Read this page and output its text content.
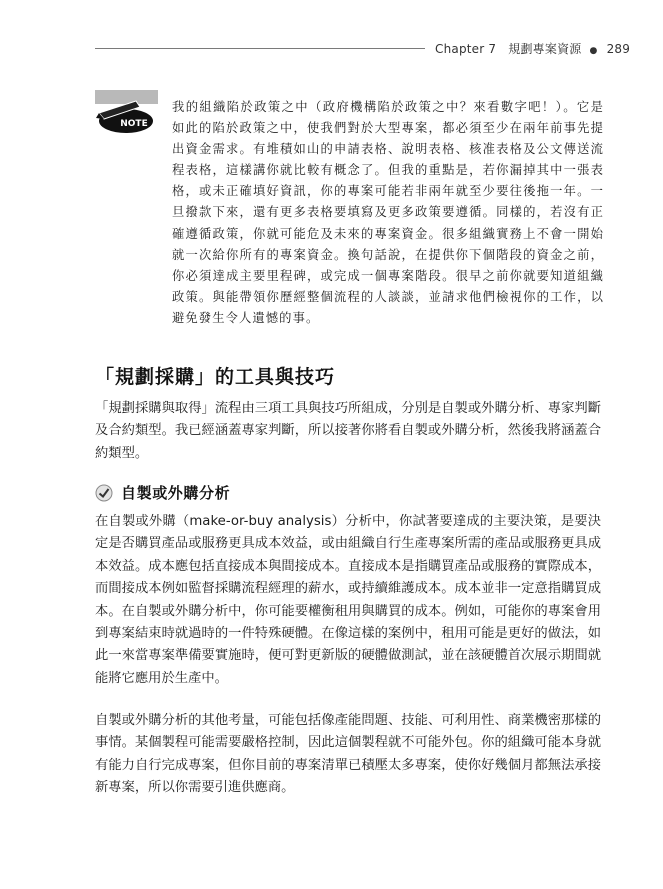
Chapter 7 規劃專案資源 ● 289
NOTE
我的組織陷於政策之中（政府機構陷於政策之中？來看數字吧！）。它是如此的陷於政策之中，使我們對於大型專案，都必須至少在兩年前事先提出資金需求。有堆積如山的申請表格、說明表格、核准表格及公文傳送流程表格，這樣講你就比較有概念了。但我的重點是，若你漏掉其中一張表格，或未正確填好資訊，你的專案可能若非兩年就至少要往後拖一年。一旦撥款下來，還有更多表格要填寫及更多政策要遵循。同樣的，若沒有正確遵循政策，你就可能危及未來的專案資金。很多組織實務上不會一開始就一次給你所有的專案資金。換句話說，在提供你下個階段的資金之前，你必須達成主要里程碑，或完成一個專案階段。很早之前你就要知道組織政策。與能帶領你歷經整個流程的人談談，並請求他們檢視你的工作，以避免發生令人遺憾的事。
「規劃採購」的工具與技巧

「規劃採購與取得」流程由三項工具與技巧所組成，分別是自製或外購分析、專家判斷及合約類型。我已經涵蓋專家判斷，所以接著你將看自製或外購分析，然後我將涵蓋合約類型。

自製或外購分析

在自製或外購（make-or-buy analysis）分析中，你試著要達成的主要決策，是要決定是否購買產品或服務更具成本效益，或由組織自行生產專案所需的產品或服務更具成本效益。成本應包括直接成本與間接成本。直接成本是指購買產品或服務的實際成本，而間接成本例如監督採購流程經理的薪水，或持續維護成本。成本並非一定意指購買成本。在自製或外購分析中，你可能要權衡租用與購買的成本。例如，可能你的專案會用到專案結束時就過時的一件特殊硬體。在像這樣的案例中，租用可能是更好的做法，如此一來當專案準備要實施時，便可對更新版的硬體做測試，並在該硬體首次展示期間就能將它應用於生產中。

自製或外購分析的其他考量，可能包括像產能問題、技能、可利用性、商業機密那樣的事情。某個製程可能需要嚴格控制，因此這個製程就不可能外包。你的組織可能本身就有能力自行完成專案，但你目前的專案清單已積壓太多專案，使你好幾個月都無法承接新專案，所以你需要引進供應商。
